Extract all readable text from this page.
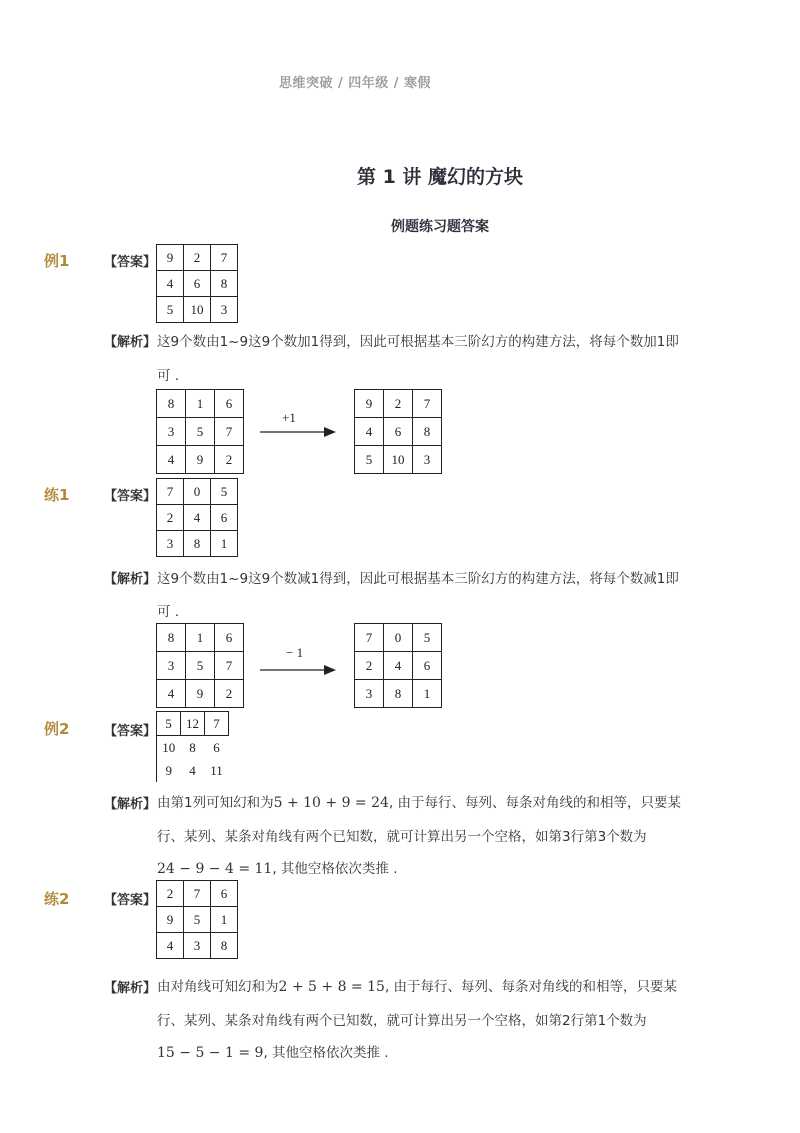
思维突破 / 四年级 / 寒假
第 1 讲 魔幻的方块
例题练习题答案
例1	【答案】 9	2	7
4	6	8
5	10	3
【解析】 这9个数由1~9这9个数加1得到，因此可根据基本三阶幻方的构建方法，将每个数加1即
可 .
8	1	6
3	5	7
4	9	2
+1
9	2	7
4	6	8
5	10	3
练1	【答案】 7	0	5
2	4	6
3	8	1
【解析】 这9个数由1~9这9个数减1得到，因此可根据基本三阶幻方的构建方法，将每个数减1即
可 .
8	1	6
3	5	7
4	9	2
− 1
7	0	5
2	4	6
3	8	1
例2	【答案】
5	12	7
10	8	6
9	4	11
【解析】 由第1列可知幻和为5 + 10 + 9 = 24, 由于每行、每列、每条对角线的和相等，只要某
行、某列、某条对角线有两个已知数，就可计算出另一个空格，如第3行第3个数为
24 − 9 − 4 = 11, 其他空格依次类推 .
练2	【答案】 2	7	6
9	5	1
4	3	8
【解析】 由对角线可知幻和为2 + 5 + 8 = 15, 由于每行、每列、每条对角线的和相等，只要某
行、某列、某条对角线有两个已知数，就可计算出另一个空格，如第2行第1个数为
15 − 5 − 1 = 9, 其他空格依次类推 .
